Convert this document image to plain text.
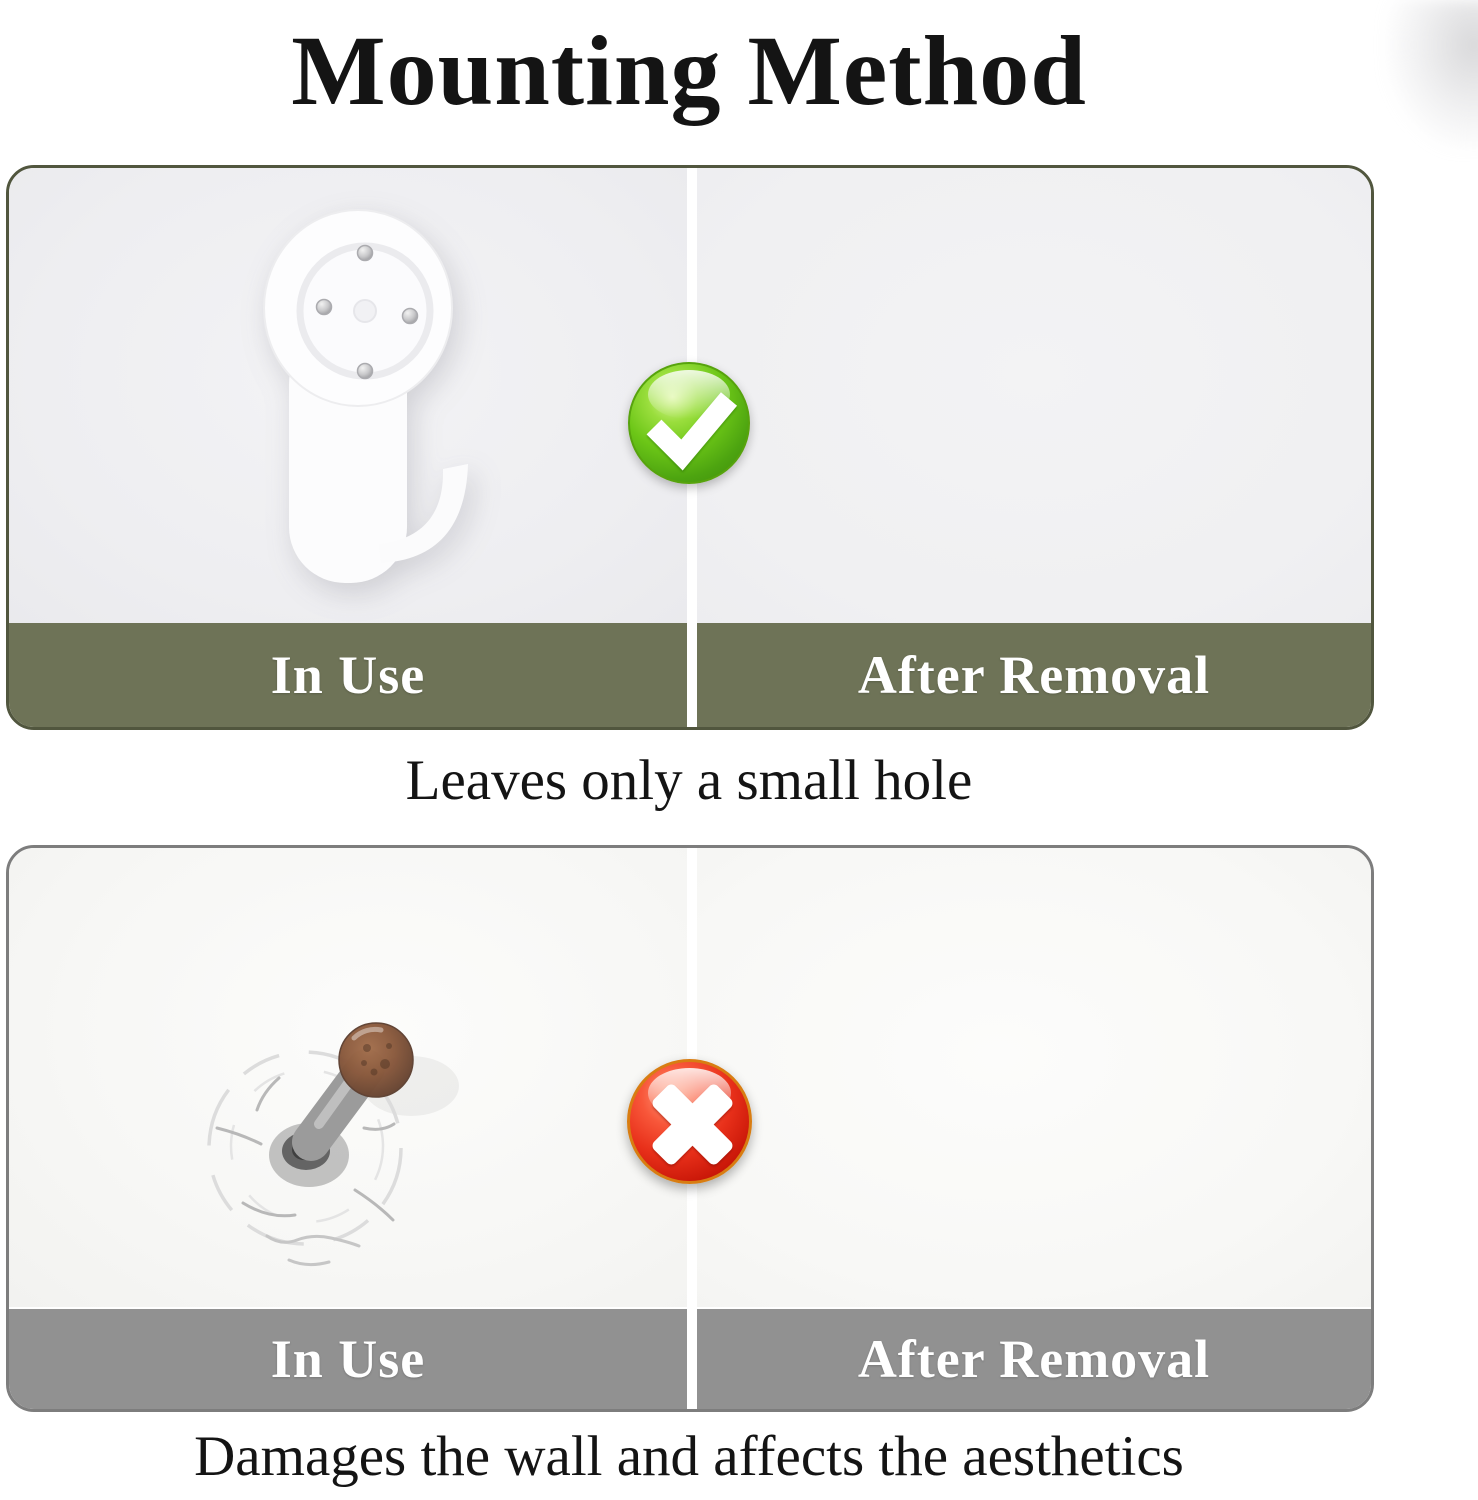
Mounting Method
In Use	After Removal

Leaves only a small hole

In Use	After Removal

Damages the wall and affects the aesthetics
